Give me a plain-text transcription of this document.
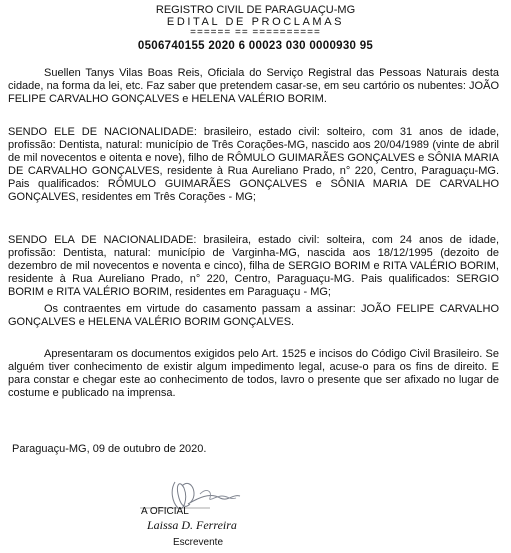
REGISTRO CIVIL DE PARAGUAÇU-MG
EDITAL DE PROCLAMAS
====== == ==========
0506740155 2020 6 00023 030 0000930 95

Suellen Tanys Vilas Boas Reis, Oficiala do Serviço Registral das Pessoas Naturais desta cidade, na forma da lei, etc. Faz saber que pretendem casar-se, em seu cartório os nubentes: JOÃO FELIPE CARVALHO GONÇALVES e HELENA VALÉRIO BORIM.

SENDO ELE DE NACIONALIDADE: brasileiro, estado civil: solteiro, com 31 anos de idade, profissão: Dentista, natural: município de Três Corações-MG, nascido aos 20/04/1989 (vinte de abril de mil novecentos e oitenta e nove), filho de RÔMULO GUIMARÃES GONÇALVES e SÔNIA MARIA DE CARVALHO GONÇALVES, residente à Rua Aureliano Prado, n° 220, Centro, Paraguaçu-MG. Pais qualificados: RÔMULO GUIMARÃES GONÇALVES e SÔNIA MARIA DE CARVALHO GONÇALVES, residentes em Três Corações - MG;

SENDO ELA DE NACIONALIDADE: brasileira, estado civil: solteira, com 24 anos de idade, profissão: Dentista, natural: município de Varginha-MG, nascida aos 18/12/1995 (dezoito de dezembro de mil novecentos e noventa e cinco), filha de SERGIO BORIM e RITA VALÉRIO BORIM, residente à Rua Aureliano Prado, n° 220, Centro, Paraguaçu-MG. Pais qualificados: SERGIO BORIM e RITA VALÉRIO BORIM, residentes em Paraguaçu - MG;

Os contraentes em virtude do casamento passam a assinar: JOÃO FELIPE CARVALHO GONÇALVES e HELENA VALÉRIO BORIM GONÇALVES.

Apresentaram os documentos exigidos pelo Art. 1525 e incisos do Código Civil Brasileiro. Se alguém tiver conhecimento de existir algum impedimento legal, acuse-o para os fins de direito. E para constar e chegar este ao conhecimento de todos, lavro o presente que ser afixado no lugar de costume e publicado na imprensa.

Paraguaçu-MG, 09 de outubro de 2020.

A OFICIAL
Laissa D. Ferreira
Escrevente
